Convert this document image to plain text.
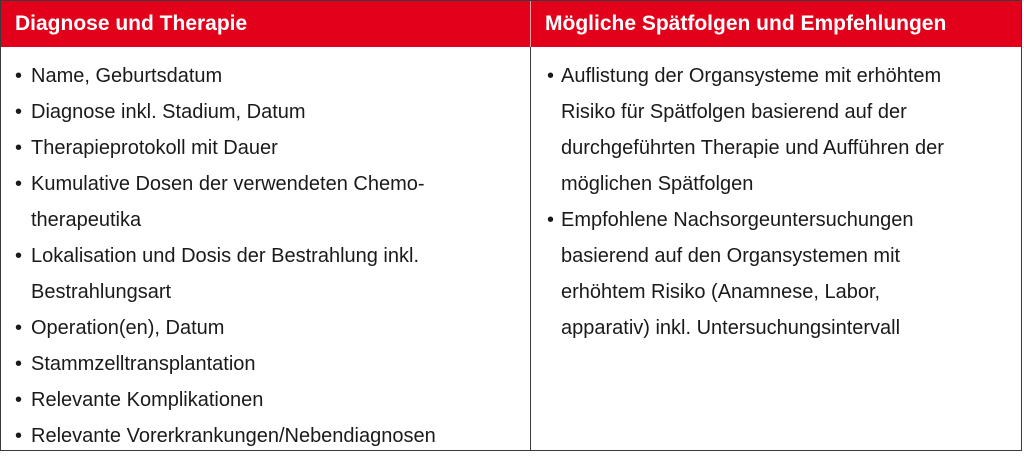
Diagnose und Therapie	Mögliche Spätfolgen und Empfehlungen
• Name, Geburtsdatum
• Diagnose inkl. Stadium, Datum
• Therapieprotokoll mit Dauer
• Kumulative Dosen der verwendeten Chemo-
therapeutika
• Lokalisation und Dosis der Bestrahlung inkl.
Bestrahlungsart
• Operation(en), Datum
• Stammzelltransplantation
• Relevante Komplikationen
• Relevante Vorerkrankungen/Nebendiagnosen
• Auflistung der Organsysteme mit erhöhtem
Risiko für Spätfolgen basierend auf der
durchgeführten Therapie und Aufführen der
möglichen Spätfolgen
• Empfohlene Nachsorgeuntersuchungen
basierend auf den Organsystemen mit
erhöhtem Risiko (Anamnese, Labor,
apparativ) inkl. Untersuchungsintervall
